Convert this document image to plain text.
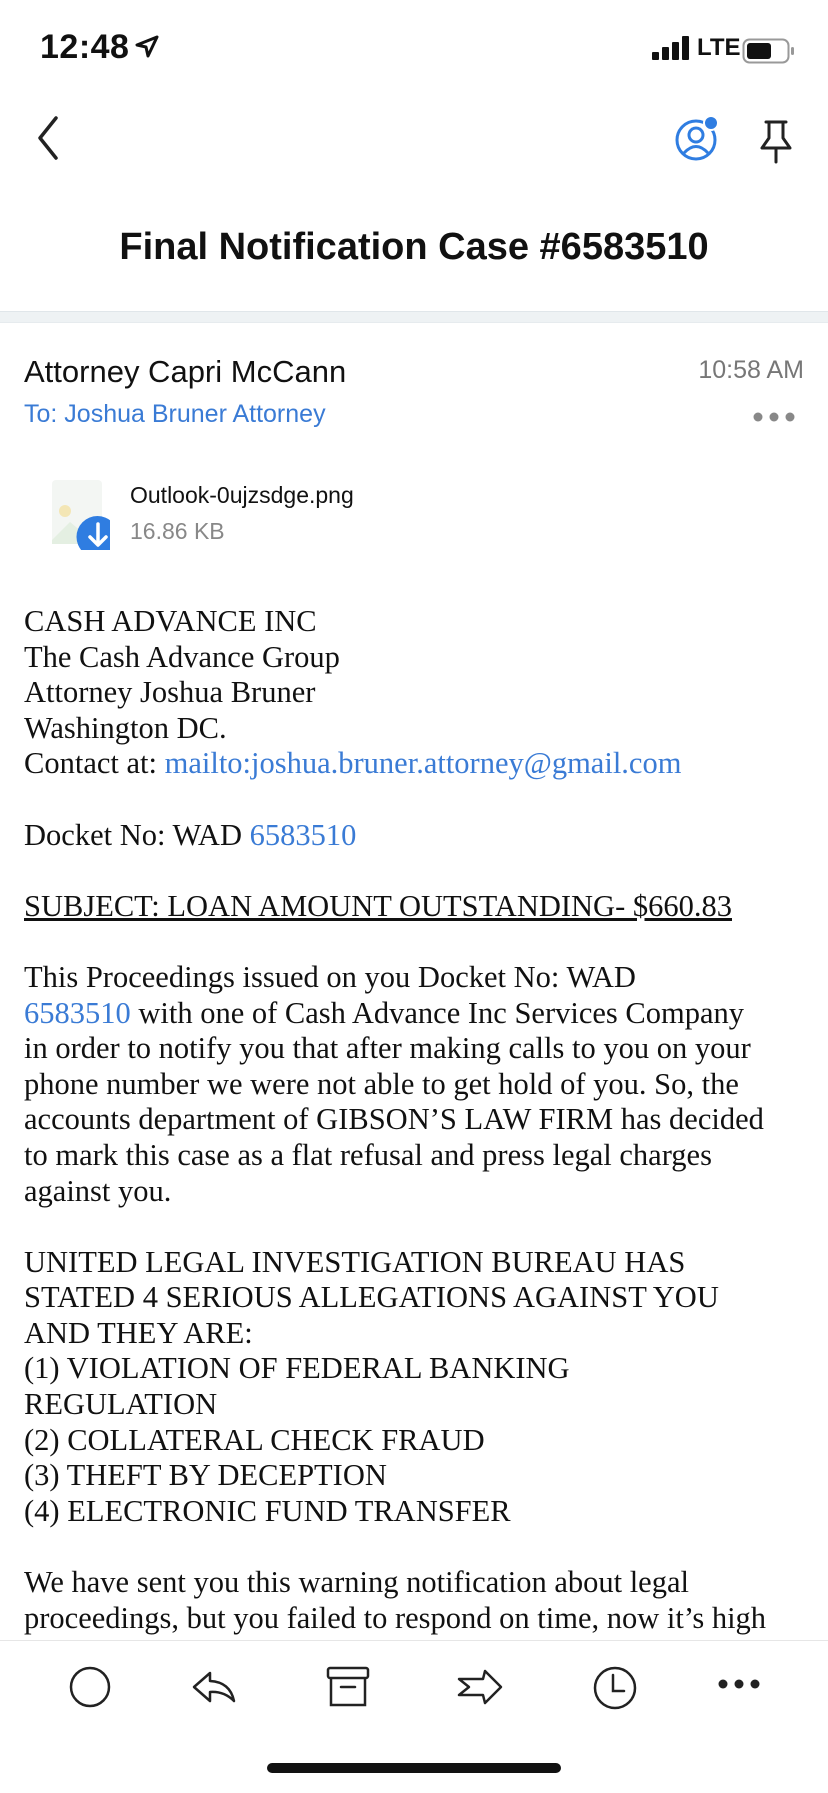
12:48	LTE
Final Notification Case #6583510
Attorney Capri McCann
To: Joshua Bruner Attorney
10:58 AM
Outlook-0ujzsdge.png
16.86 KB

CASH ADVANCE INC

The Cash Advance Group

Attorney Joshua Bruner

Washington DC.

Contact at: mailto:joshua.bruner.attorney@gmail.com

Docket No: WAD 6583510

SUBJECT: LOAN AMOUNT OUTSTANDING- $660.83

This Proceedings issued on you Docket No: WAD

6583510 with one of Cash Advance Inc Services Company

in order to notify you that after making calls to you on your

phone number we were not able to get hold of you. So, the

accounts department of GIBSON’S LAW FIRM has decided

to mark this case as a flat refusal and press legal charges

against you.

UNITED LEGAL INVESTIGATION BUREAU HAS

STATED 4 SERIOUS ALLEGATIONS AGAINST YOU

AND THEY ARE:

(1) VIOLATION OF FEDERAL BANKING

REGULATION

(2) COLLATERAL CHECK FRAUD

(3) THEFT BY DECEPTION

(4) ELECTRONIC FUND TRANSFER

We have sent you this warning notification about legal

proceedings, but you failed to respond on time, now it’s high
